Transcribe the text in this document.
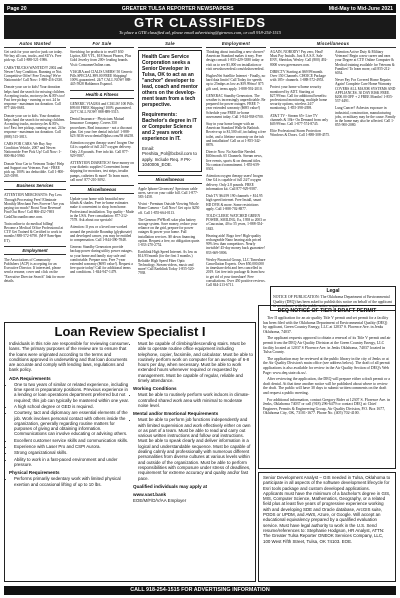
Page 20	GREATER TULSA REPORTER NEWSPAPERS	Mid-May to Mid-June 2021
GTR CLASSIFIEDS
To place a GTR classified ad, please email advertising@gtrnews.com, or call 918-254-1515
Autos Wanted

Get cash for your used or junk car today. We buy all cars, trucks, and SUVs. Free pick-up. Call 1-888-521-1986.

CARS/TRUCKS WANTED!!! 2002 and Newer! Any Condition. Running or Not. Competitive Offer! Free Towing! We're Nationwide! Call Now: 1-888-416-2330.

Donate your car to kids! Your donation helps fund the search for missing children. Accepting trucks, motorcycles & RVs too! Fast free pickup - running or not. 24 hr response - maximum tax donation. Call 877-266-0681.

Donate your car to kids. Your donation helps fund the search for missing children. Accepting trucks, motorcycles & RVs, too! Fast free pickup, running or not. 24 hr response - maximum tax donation. Call (888) 515-3813.

CARS FOR CARS. We Buy Any Condition Vehicle, 2007 and Newer. Nationwide Free Pick Up! Call Now: 1-800-864-5960.

Donate Your Car to Veterans Today! Help and Support our Veterans. Fast - FREE pick up. 100% tax deductible. Call 1-800-245-0398.

Business Services

ATTENTION MERCHANTS: Pay Less Through Processing Fees! Eliminate Monthly Merchant Fees Forever! Are you paying too much? Boost Your Revenue! Find Out How! Call 866-452-7693 CashDiscountIncome.com.

Train online to do medical billing! Become a Medical Office Professional at CTI! Get Trained & Certified to work in months! 888-572-6790. (M-F 8am-6pm ET).

Employment

The Associations of Community Publishers (ACP) is accepting for an Executive Director. If interested, please send a resume, cover and click on the "Executive Director Search" link for more details.

For Sale

Stretching for products to resell? $30 Lipitor, $30 VYL, $18 Smart Phones, Plus Gold Jewelry from 200+ leading brands. Visit: ConsumerOnline.com.

VIAGRA and CIALIS USERS! 50 Generic Pills SPECIAL $99.00 FREE Shipping! 100% guaranteed. 24/7 CALL NOW! 888-445-5928 Hablamos Espanol.

Health & Fitness

GENERIC VIAGRA and CIALIS! 100 Pills $99.00 FREE Shipping! 100% guaranteed. 24/7 CALL NOW! 888-889-5515.

Dental Insurance - Physicians Mutual Insurance Company. Covers 350 procedures. Real insurance - not a discount plan. Get your free dental info kit! 1-888-623-3036 www.dental50plus.com/58 #6258.

Attention oxygen therapy users! Inogen One G4 is capable of full 24/7 oxygen delivery. Only 2.8 pounds. Free info kit. Call 877-929-9587.

ATTENTION DIABETICS! Save money on your diabetic supplies! Convenient home shipping for monitors, test strips, insulin pumps, catheters & more! To learn more, call now! 877-210-3092.

Miscellaneous

Update your home with beautiful new blinds & shades. Free in-home estimates make it convenient to shop from home. Professional installation. Top quality - Made in the USA. Free consultation: 877-212-7578. Ask about our specials!

Attention: If you or a loved one worked around the pesticide Roundup (glyphosate) and developed cancer, you may be entitled to compensation. Call 1-844-390-7848.

Generac Standby Generators provide backup power during utility power outages, so your home and family stay safe and comfortable. Prepare now. Free 7-year extended warranty ($695 value!). Request a free quote today! Call for additional terms and conditions. 1-844-947-1479.

Sale
Health Care Service
Corporation seeks a
Senior Developer in
Tulsa, OK to act as an
"anchor" developer to
lead, coach and mentor
others on the develop-
ment team from a tech
perspective.
Requirements: Bachelor's degree in IT or Computer Science and 2 years work experience in IT.
Email: Preshita_Pol@bcbsil.com to apply. Include Req. # PK-1040006_EOE.
Miscellaneous

Apple Iphone Giveaway! Spectrum cable users, save on your cable bill. Call 1-877-583-1458.

Vivint - Premium Outside Viewing Whole Home Camera - Call Now! Get up to $250 off. Call 1-855-664-0113.

The Generac PWRcell solar plus battery storage system. Save money, reduce your reliance on the grid, prepare for power outages & power your home. Full installation services. $0 down financing option. Request a free, no obligation quote. 1-833-270-2752.

Earthlink High Speed Internet. As low as $14.95/month (for the first 3 months.) Reliable High Speed Fiber Optic Technology. Stream videos, music and more! Call Earthlink Today 1-855-520-7938.

Employment

Thinking about installing a new shower? American Standard makes it easy. Free design consult 1-855-429-3380 today or visit us to see $1,000 on installation or visit newshowerdeal.com/okshowerdeal.

HughesNet Satellite Internet - Finally, no hard data limits! Call Today for speeds up to 25mbps as low as $59.99/mo! $75 gift card, terms apply. 1-888-592-2010.

GENERAC Standby Generators. The weather is increasingly unpredictable. Be prepared for power outages. FREE 7-year extended warranty ($695 value!) Schedule your FREE in-home assessment today. Call 1-844-938-0700.

Stay in your home longer with an American Standard Walk-In Bathtub. Receive up to $1,500 off, including a free toilet, and a lifetime warranty on the tub and installation! Call us at 1-855-342-8876.

Directv Now. No Satellite Needed. $40/month. 65 Channels. Stream news, live events, sports & on demand titles. No contract/commitment. 1-855-659-0301.

Attention oxygen therapy users! Inogen One G4 is capable of full 24/7 oxygen delivery. Only 2.8 pounds. FREE information kit. Call 877-929-9587.

Dish TV $64.99 190 channels + $14.95 high speed internet. Free Install, smart HD DVR & more. Some restrictions apply. Call 1-888-702-8877.

TOLD CLERIC WATCHED GREEN POWER, SMILING, Ex, 1958 to 2003 or a Caucasian, 40 to 55 years, 1-888-354-1845.

Hearing aids! Bogo free! High-quality rechargeable Nano hearing aids priced 90% less than competitors. Nearly invisible! 45-day money back guarantee! 833-669-5806.

Wesley Financial Group, LLC Timeshare Cancellation Experts. Over $50,000,000 in timeshare debt and fees cancelled in 2019. Get free info package & learn how to get rid of your timeshare! Free consultations. Over 450 positive reviews. Call 844-213-6711.

Miscellaneous

AGAIN, NOBODY! Pay zero, Heal! Must Pay Installs. Just $.A.S.E. Sale ENV, Sheridan, Wesley. Call (800) 492-8000 www.greensaver.com.

DIRECTV Starting at $69.99/month. Over 150 Channels. CHOICE Package with 185+ channels. 1-888-572-4953.

Protect your home w/home security monitored by ADT. Starting at $27.99/mo. Call for additional benefits: professional monitoring, multiple home security options, wireless 24/7 monitoring. 1-855-398-4398.

AT&T TV - Stream 65+ Live TV channels & 10k+ On Demand from only $49.99/mo. Call 1-877-574-8745.

Elite Professional Storm Protection Windows & Doors. Call 1-888-308-4575.

Attention Active Duty & Military Veterans! Begin a new career and earn your Degree at CTI! Online Computer & Medical training available for Veterans & Families! To learn more, call 855-212-6034.

Never Pay For Covered Home Repairs Again! Complete Care Home Warranty COVERS ALL MAJOR SYSTEMS AND APPLIANCES. 30 DAY RISK FREE. $200.00 OFF + 2 FREE Months! 1-855-537-4491.

Lung Cancer? Asbestos exposure in industrial, construction, manufacturing jobs, or military may be the cause. Family in the home may also be affected. Call 1-855-900-2080.

Legal
NOTICE OF PUBLICATION: The Oklahoma Department of Environmental Quality (DEQ) has been asked to publish this notice on behalf of the applicant in accordance with the public notice requirements.
Loan Review Specialist I

Individuals in this role are responsible for reviewing consumer loans. The primary purposes of the review are to ensure that the loans were originated according to the terms and conditions approved in underwriting and that loan documents are accurate and comply with lending laws, regulations and bank policy.

ADA Requirements
• One to two years of similar or related experience, including time spent in preparatory positions. Previous experience in a lending or loan operations department preferred but not required; this job can typically be mastered within one year.
• A high school degree or GED is required.
• Courtesy, tact and diplomacy are essential elements of the job. Work involves personal contact with others inside the organization, generally regarding routine matters for purposes of giving and obtaining information. Communications can involve educating or advising others.
• Excellent customer service skills and communication skills.
• Experience with Laser Pro and CSPI Aurora.
• Strong organizational skills.
• Ability to work in a fast-paced environment and under pressure.
Physical Requirements
• Performs primarily sedentary work with limited physical exertion and occasional lifting of up to 10 lbs.
• Must be capable of climbing/descending stairs. Must be able to operate routine office equipment including telephone, copier, facsimile, and calculator. Must be able to routinely perform work on computer for an average of 6-8 hours per day, when necessary. Must be able to work extended hours whenever required or requested by management. Must be capable of regular, reliable and timely attendance.
Working Conditions
• Must be able to routinely perform work indoors in climate-controlled shared work area with minimal to moderate noise level.
Mental and/or Emotional Requirements
• Must be able to perform job functions independently and with limited supervision and work effectively either on own or as part of a team. Must be able to read and carry out various written instructions and follow oral instructions. Must be able to speak clearly and deliver information in a logical and understandable sequence. Must be capable of dealing calmly and professionally with numerous different personalities from diverse cultures at various levels within and outside of the organization. Must be able to perform responsibilities with composure under stress of deadlines, requirement for extreme accuracy and quality and/or fast pace.
Qualified individuals may apply at
www.vast.bank

EOE/M/F/D/V/AA Employer

DEQ NOTICE OF TIER II DRAFT PERMIT

Tier II application for an air quality Title V permit and set permit for a facility has been filed with the Oklahoma Department of Environmental Quality (DEQ) by applicant, Green Country Energy, LLC at 12037 S. Florence Ave. in Jenks Oklahoma, 74037.

The applicant requests approval to obtain a renewal of its Title V permit and air permit from the DEQ Air Quality Division at the Green Country Energy, LLC facility located at 12037 S Florence Ave. in Jenks Oklahoma, 74037 located in Tulsa County.

The application may be reviewed at the public library in the city of Jenks or at the Air Quality Division's main office (see address below). The draft of all permit applications is also available for review in the Air Quality Section of DEQ's Web Page: www.deq.state.ok.us/.

After reviewing the application, the DEQ will prepare either a draft permit or a draft denial. At that time another notice will be published about where to review the draft. The public will have 30 days to submit written comments on the draft and request a public meeting.

For additional information, contact Gregory Rider at 12307 S. Florence Ave. in Jenks, Oklahoma 74037 or call (918) 296-6479 or contact DEQ at: Chief Engineer, Permits & Engineering Group, Air Quality Division, P.O. Box 1677, Oklahoma City, OK, 73101-1677. Phone No. (405) 702-4100.

Senior Development Analyst – GIS needed in Tulsa, Oklahoma to participate in all aspects of the software development lifecycle for Esri tools package and custom developed applications. Applicants must have the minimum of a bachelor's degree in GIS, MIS, Computer Science, Mathematics, Geography, or a related field plus at least five years of progressive experience working with and developing SDE and Oracle database, ArcGIS suite, PODS or UPDM, and AWS, Azure, or Google. Will accept an educational equivalency prepared by a qualified evaluation service. Must have legal authority to work in the U.S. Send resume/references to: Stephanie Hodgson, HR Analyst, ATTN: The Greater Tulsa Reporter ONEOK Services Company, LLC, 100 West Fifth Street, Tulsa, OK 74103. EOE.

CALL 918-254-1515 FOR ADVERTISING INFORMATION
